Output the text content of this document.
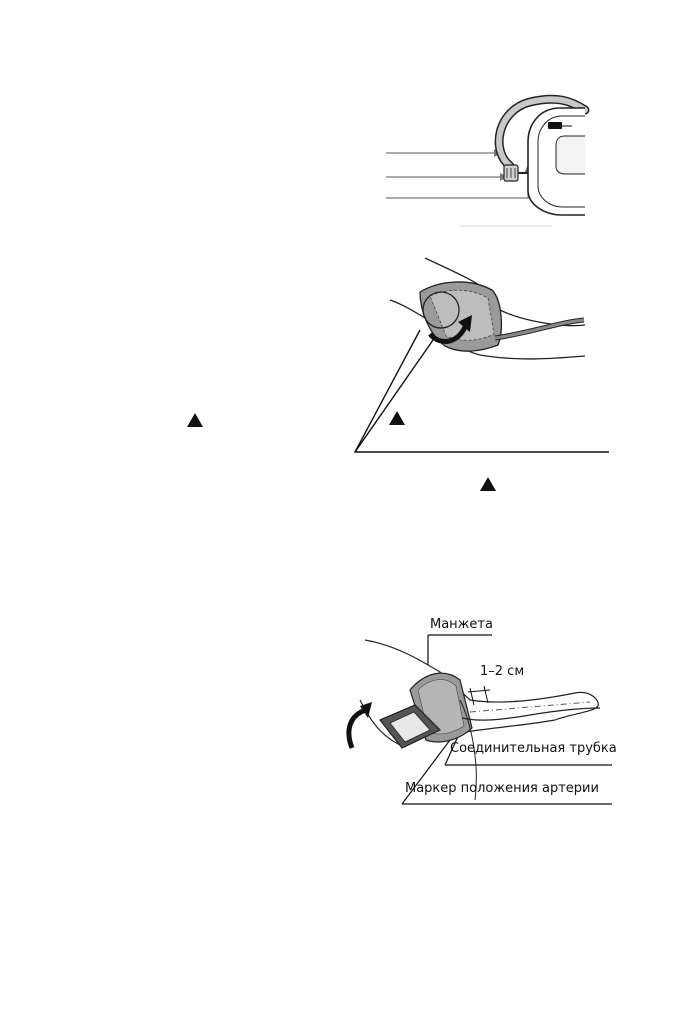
Манжета
1–2 см
Соединительная трубка
Маркер положения артерии
